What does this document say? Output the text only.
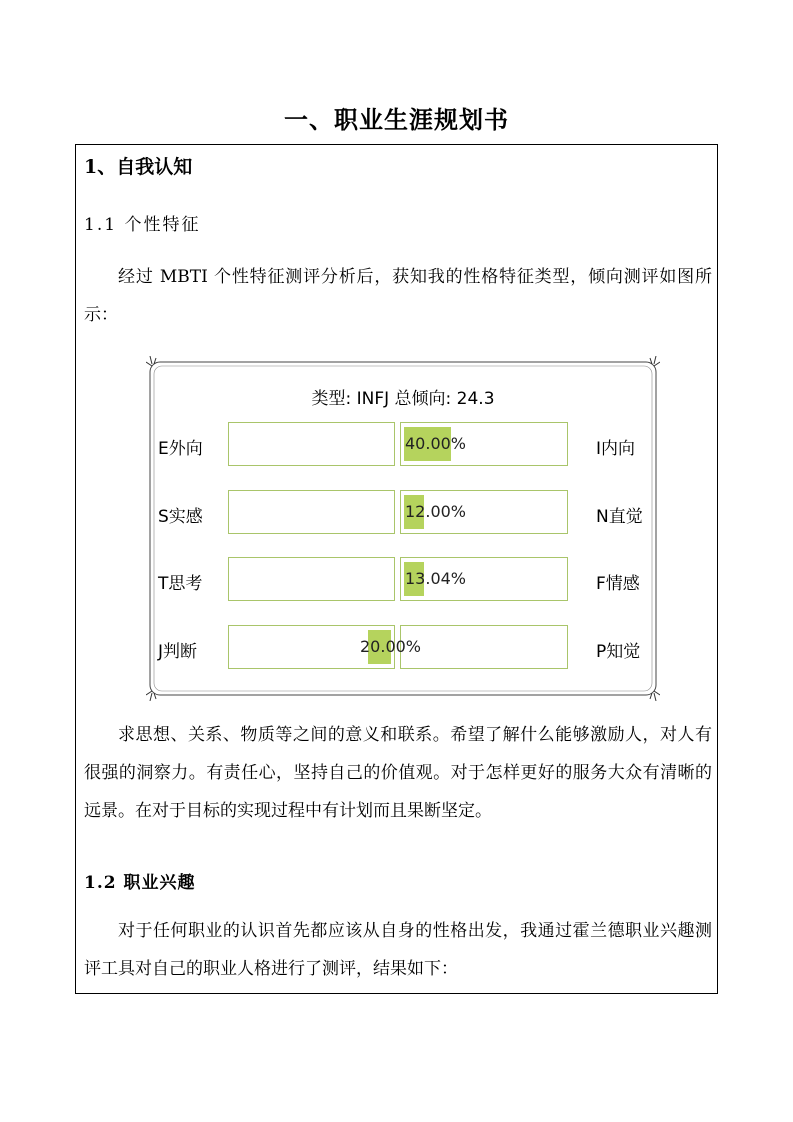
一、职业生涯规划书
1、自我认知
1.1 个性特征

经过 MBTI 个性特征测评分析后，获知我的性格特征类型，倾向测评如图所示：

类型: INFJ 总倾向: 24.3
E外向	I内向
40.00%
S实感	N直觉
12.00%
T思考	F情感
13.04%
J判断	P知觉
20.00%
1.2 职业兴趣

求思想、关系、物质等之间的意义和联系。希望了解什么能够激励人，对人有很强的洞察力。有责任心，坚持自己的价值观。对于怎样更好的服务大众有清晰的远景。在对于目标的实现过程中有计划而且果断坚定。

对于任何职业的认识首先都应该从自身的性格出发，我通过霍兰德职业兴趣测评工具对自己的职业人格进行了测评，结果如下：
